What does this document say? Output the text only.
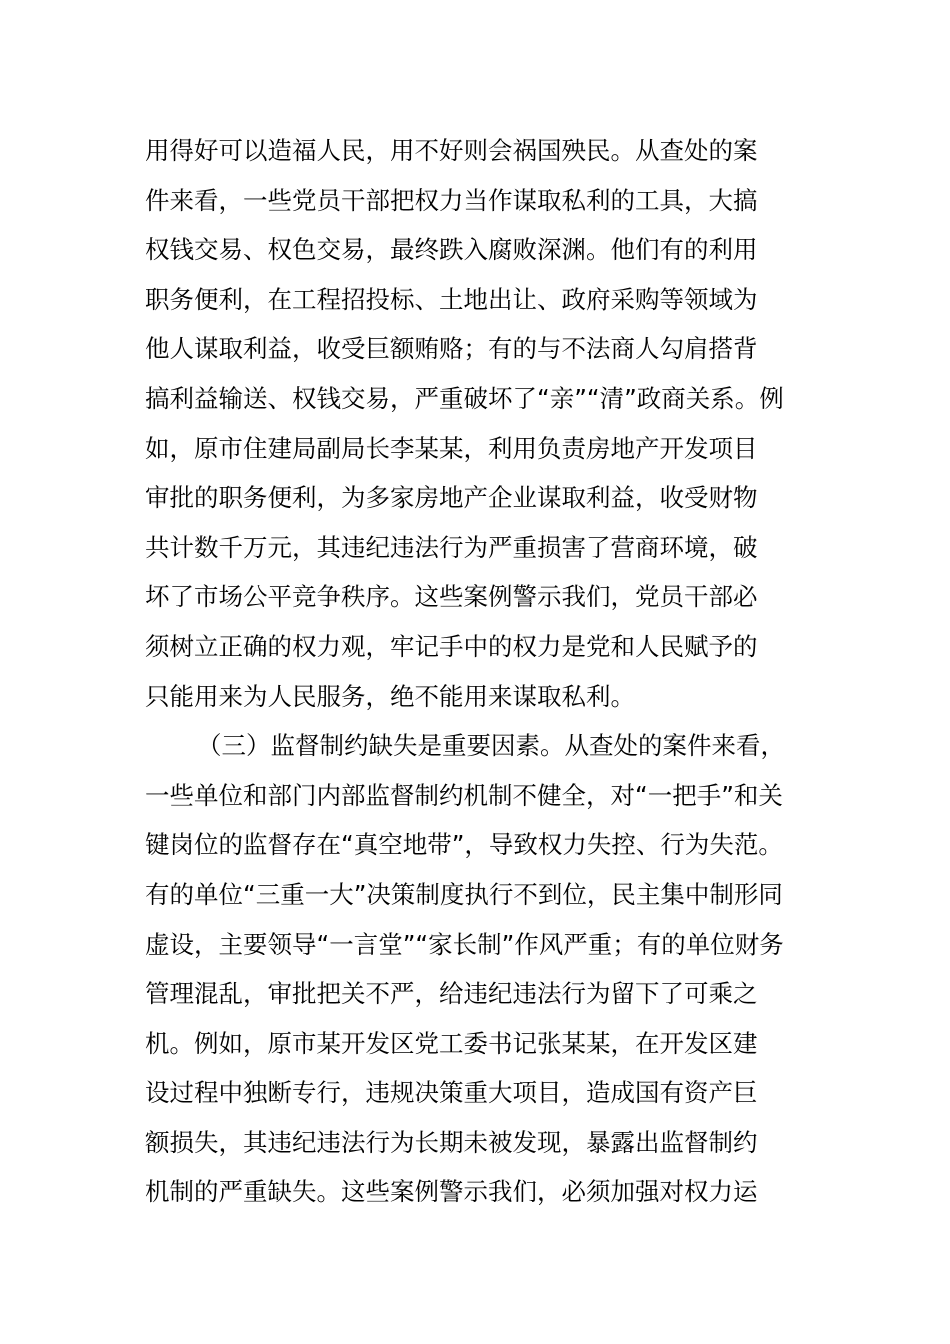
用得好可以造福人民，用不好则会祸国殃民。从查处的案
件来看，一些党员干部把权力当作谋取私利的工具，大搞
权钱交易、权色交易，最终跌入腐败深渊。他们有的利用
职务便利，在工程招投标、土地出让、政府采购等领域为
他人谋取利益，收受巨额贿赂；有的与不法商人勾肩搭背
搞利益输送、权钱交易，严重破坏了“亲”“清”政商关系。例
如，原市住建局副局长李某某，利用负责房地产开发项目
审批的职务便利，为多家房地产企业谋取利益，收受财物
共计数千万元，其违纪违法行为严重损害了营商环境，破
坏了市场公平竞争秩序。这些案例警示我们，党员干部必
须树立正确的权力观，牢记手中的权力是党和人民赋予的
只能用来为人民服务，绝不能用来谋取私利。
（三）监督制约缺失是重要因素。从查处的案件来看，
一些单位和部门内部监督制约机制不健全，对“一把手”和关
键岗位的监督存在“真空地带”，导致权力失控、行为失范。
有的单位“三重一大”决策制度执行不到位，民主集中制形同
虚设，主要领导“一言堂”“家长制”作风严重；有的单位财务
管理混乱，审批把关不严，给违纪违法行为留下了可乘之
机。例如，原市某开发区党工委书记张某某，在开发区建
设过程中独断专行，违规决策重大项目，造成国有资产巨
额损失，其违纪违法行为长期未被发现，暴露出监督制约
机制的严重缺失。这些案例警示我们，必须加强对权力运
